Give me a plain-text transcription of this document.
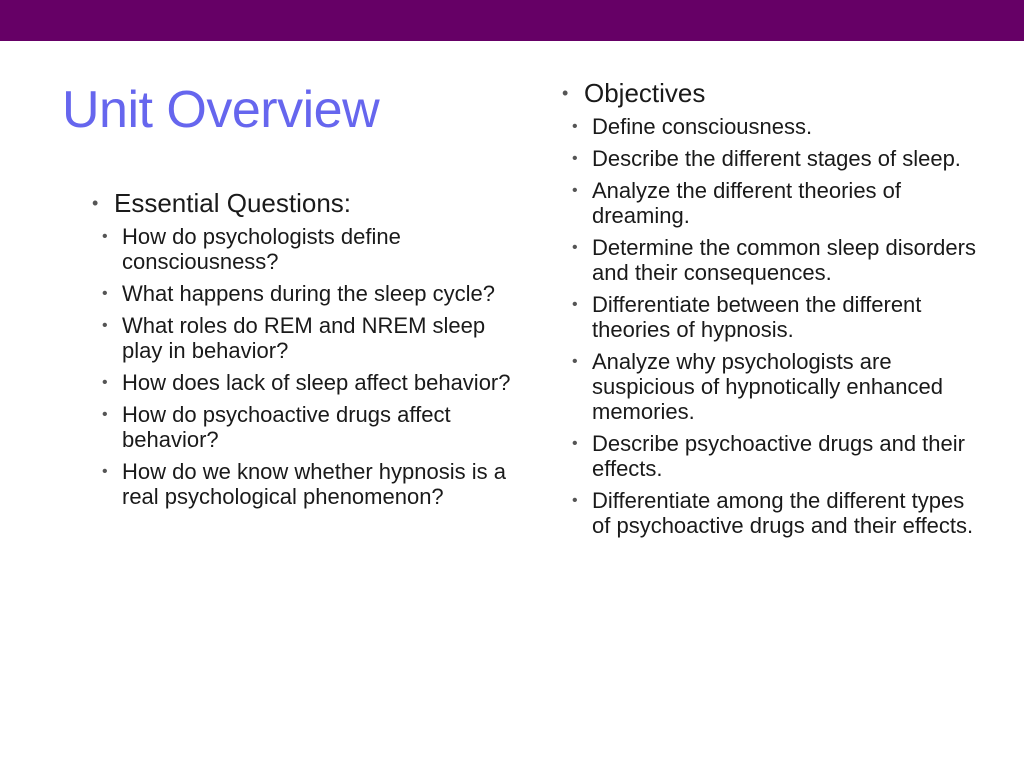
Unit Overview
• Essential Questions:
• How do psychologists define consciousness?
• What happens during the sleep cycle?
• What roles do REM and NREM sleep play in behavior?
• How does lack of sleep affect behavior?
• How do psychoactive drugs affect behavior?
• How do we know whether hypnosis is a real psychological phenomenon?
• Objectives
• Define consciousness.
• Describe the different stages of sleep.
• Analyze the different theories of dreaming.
• Determine the common sleep disorders and their consequences.
• Differentiate between the different theories of hypnosis.
• Analyze why psychologists are suspicious of hypnotically enhanced memories.
• Describe psychoactive drugs and their effects.
• Differentiate among the different types of psychoactive drugs and their effects.
